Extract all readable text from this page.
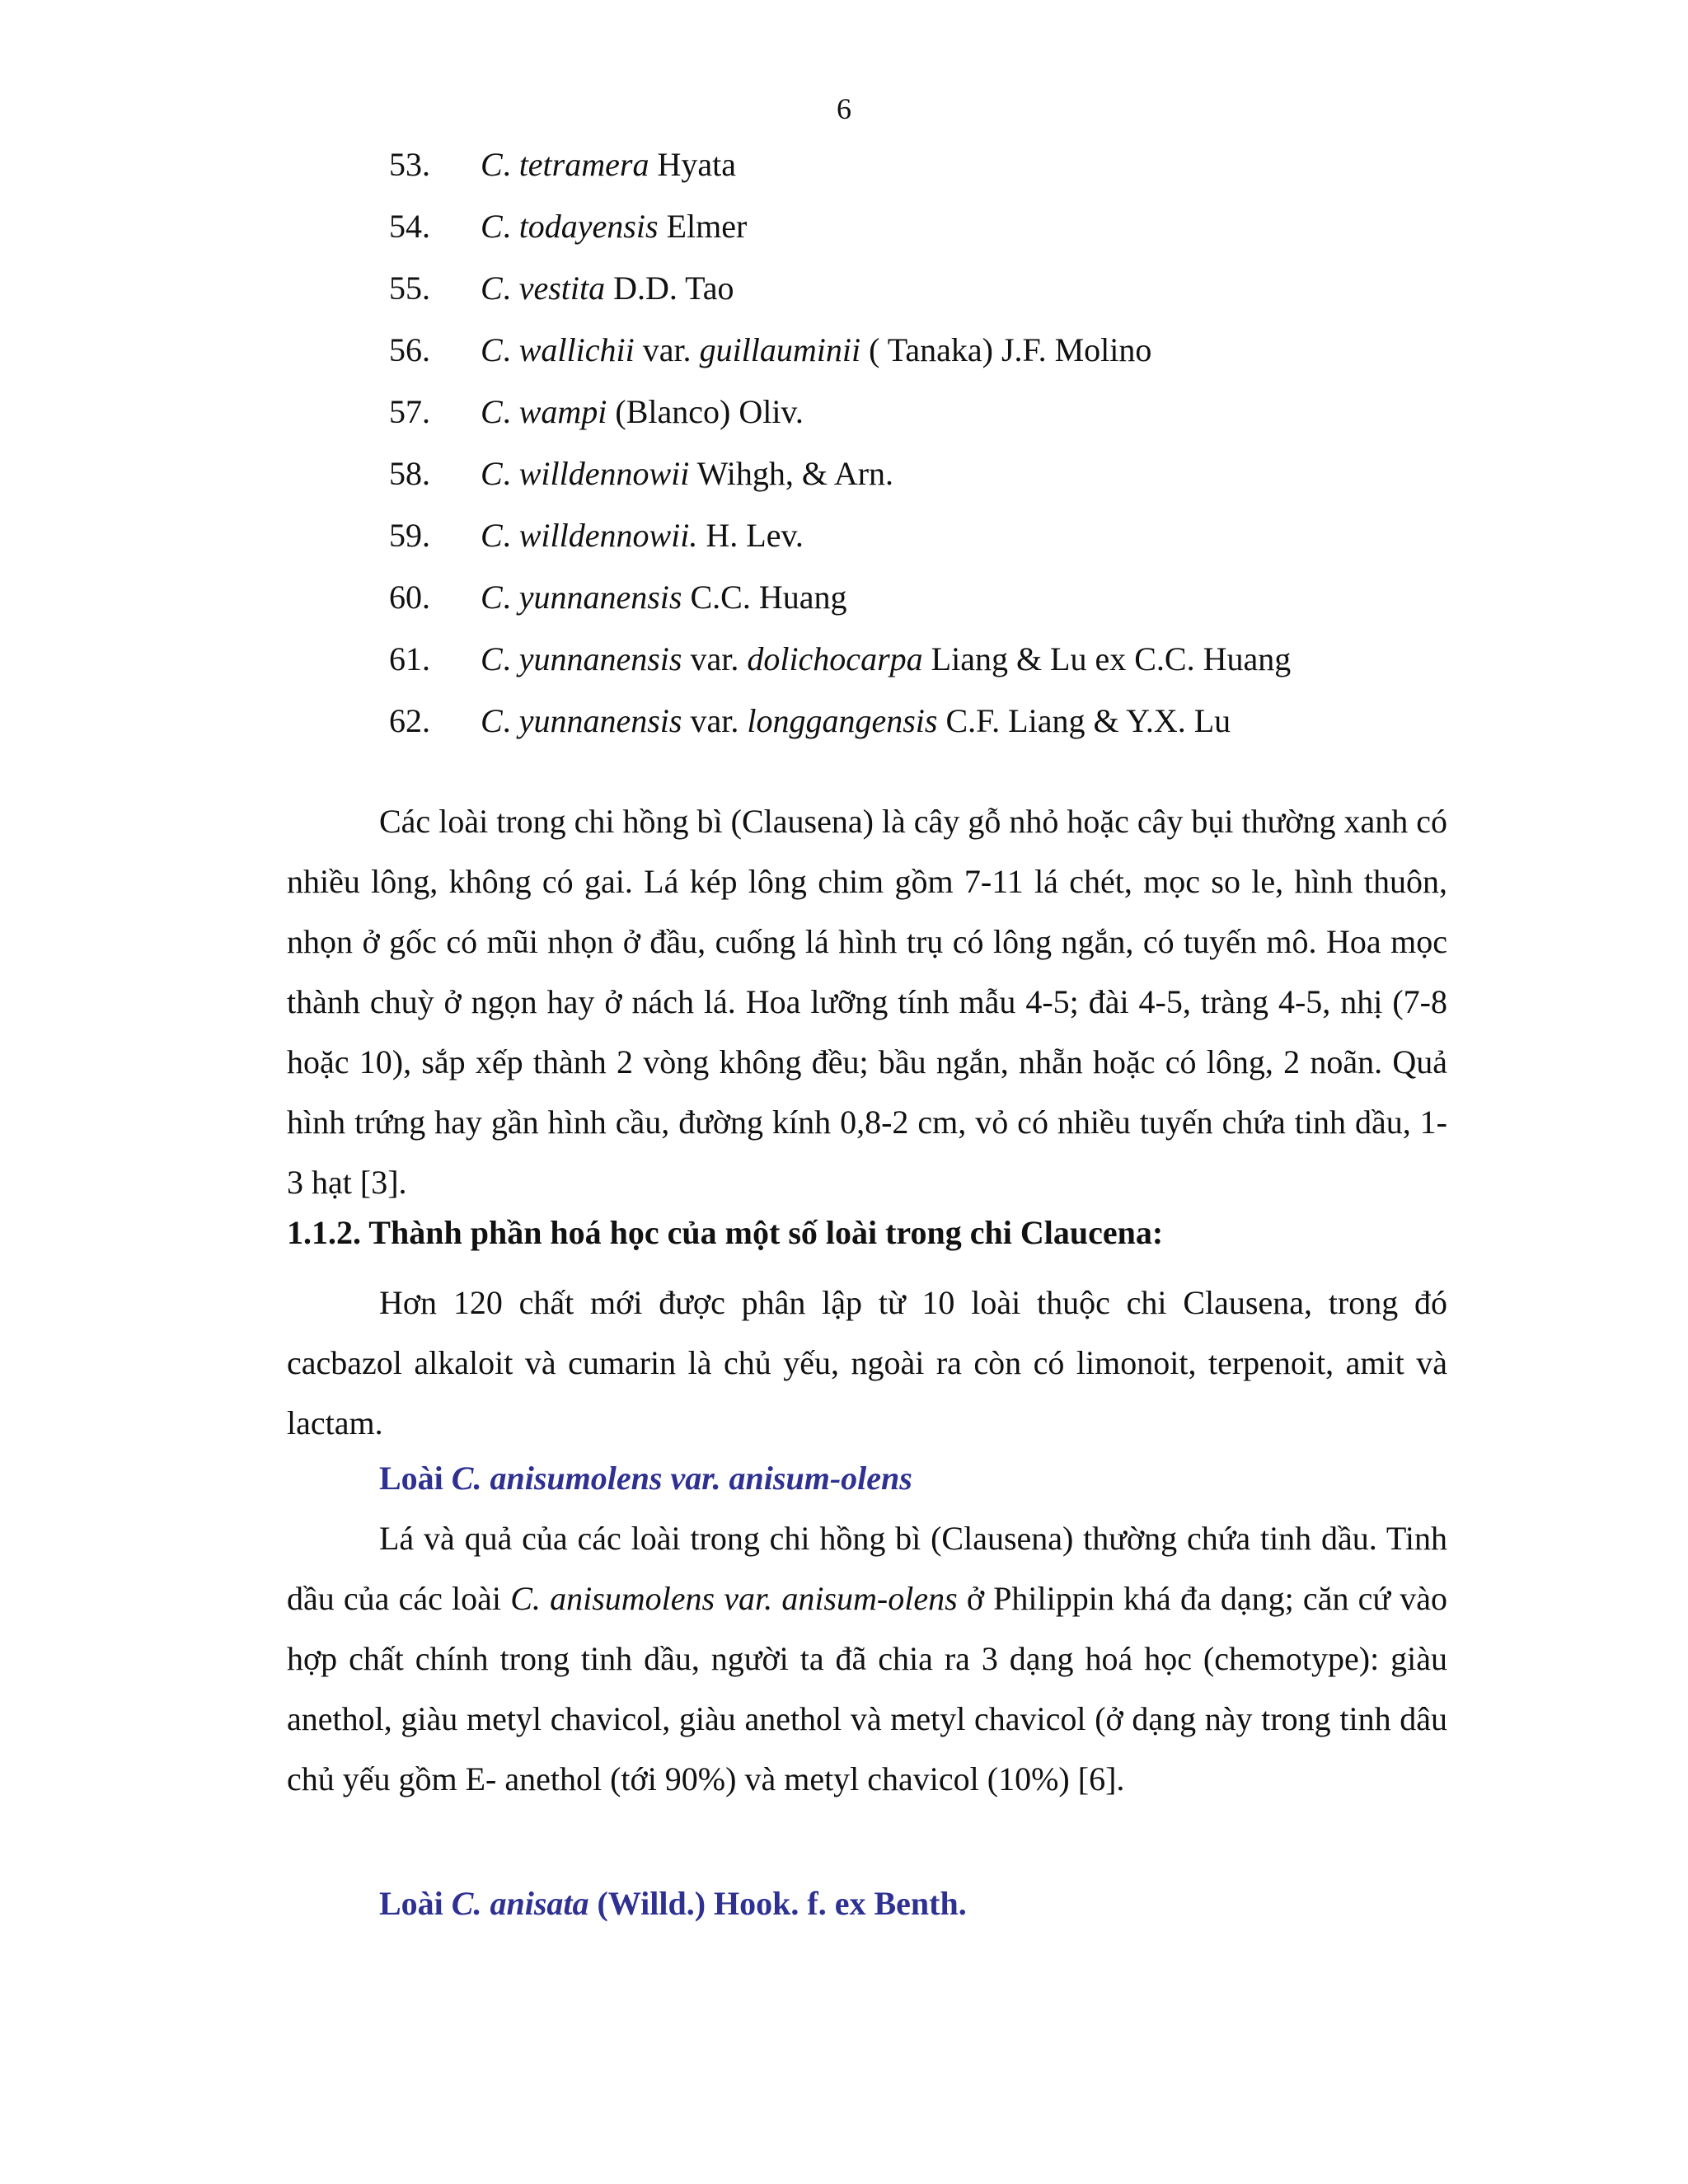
6
53. C. tetramera Hyata
54. C. todayensis Elmer
55. C. vestita D.D. Tao
56. C. wallichii var. guillauminii ( Tanaka) J.F. Molino
57. C. wampi (Blanco) Oliv.
58. C. willdennowii Wihgh, & Arn.
59. C. willdennowii. H. Lev.
60. C. yunnanensis C.C. Huang
61. C. yunnanensis var. dolichocarpa Liang & Lu ex C.C. Huang
62. C. yunnanensis var. longgangensis C.F. Liang & Y.X. Lu

Các loài trong chi hồng bì (Clausena) là cây gỗ nhỏ hoặc cây bụi thường xanh có nhiều lông, không có gai. Lá kép lông chim gồm 7-11 lá chét, mọc so le, hình thuôn, nhọn ở gốc có mũi nhọn ở đầu, cuống lá hình trụ có lông ngắn, có tuyến mô. Hoa mọc thành chuỳ ở ngọn hay ở nách lá. Hoa lưỡng tính mẫu 4-5; đài 4-5, tràng 4-5, nhị (7-8 hoặc 10), sắp xếp thành 2 vòng không đều; bầu ngắn, nhẵn hoặc có lông, 2 noãn. Quả hình trứng hay gần hình cầu, đường kính 0,8-2 cm, vỏ có nhiều tuyến chứa tinh dầu, 1-3 hạt [3].

1.1.2. Thành phần hoá học của một số loài trong chi Claucena:

Hơn 120 chất mới được phân lập từ 10 loài thuộc chi Clausena, trong đó cacbazol alkaloit và cumarin là chủ yếu, ngoài ra còn có limonoit, terpenoit, amit và lactam.

Loài C. anisumolens var. anisum-olens

Lá và quả của các loài trong chi hồng bì (Clausena) thường chứa tinh dầu. Tinh dầu của các loài C. anisumolens var. anisum-olens ở Philippin khá đa dạng; căn cứ vào hợp chất chính trong tinh dầu, người ta đã chia ra 3 dạng hoá học (chemotype): giàu anethol, giàu metyl chavicol, giàu anethol và metyl chavicol (ở dạng này trong tinh dâu chủ yếu gồm E- anethol (tới 90%) và metyl chavicol (10%) [6].

Loài C. anisata (Willd.) Hook. f. ex Benth.
